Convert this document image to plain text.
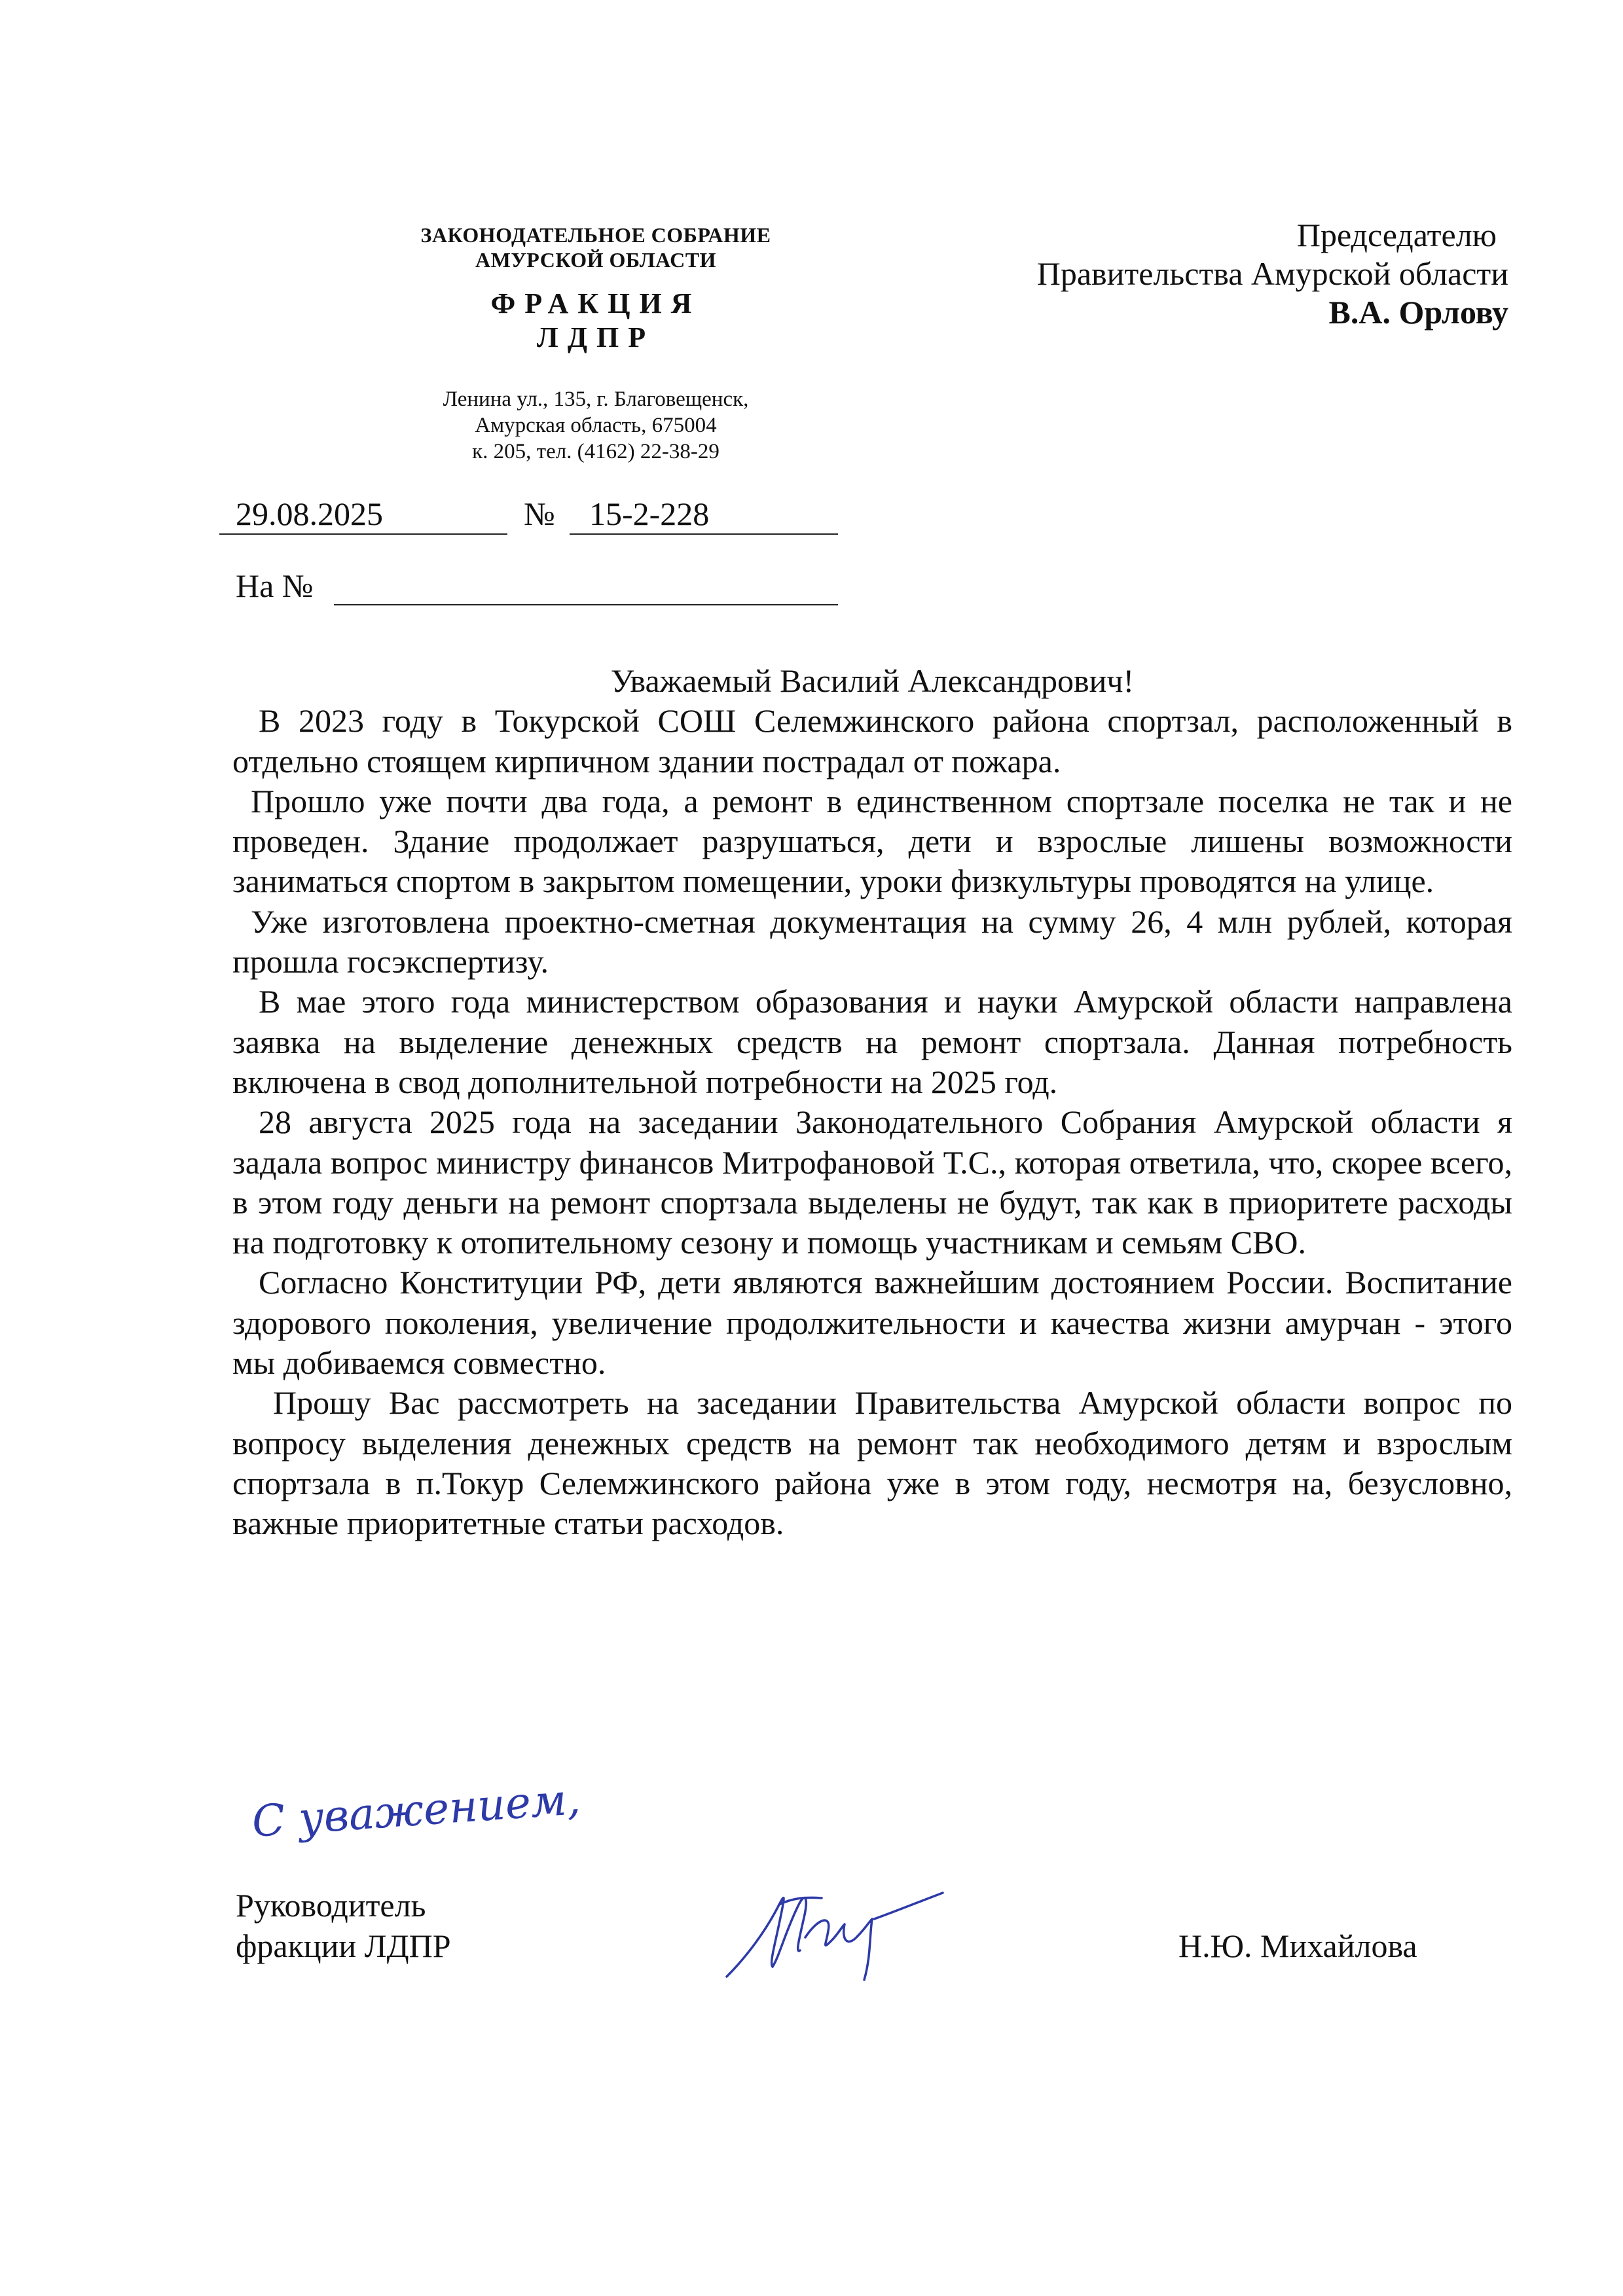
ЗАКОНОДАТЕЛЬНОЕ СОБРАНИЕ
АМУРСКОЙ ОБЛАСТИ
ФРАКЦИЯ
ЛДПР
Ленина ул., 135, г. Благовещенск,
Амурская область, 675004
к. 205, тел. (4162) 22-38-29
Председателю
Правительства Амурской области
В.А. Орлову
29.08.2025	№	15-2-228
На №
Уважаемый Василий Александрович!

В 2023 году в Токурской СОШ Селемжинского района спортзал, расположенный в отдельно стоящем кирпичном здании пострадал от пожара.

Прошло уже почти два года, а ремонт в единственном спортзале поселка не так и не проведен. Здание продолжает разрушаться, дети и взрослые лишены возможности заниматься спортом в закрытом помещении, уроки физкультуры проводятся на улице.

Уже изготовлена проектно-сметная документация на сумму 26, 4 млн рублей, которая прошла госэкспертизу.

В мае этого года министерством образования и науки Амурской области направлена заявка на выделение денежных средств на ремонт спортзала. Данная потребность включена в свод дополнительной потребности на 2025 год.

28 августа 2025 года на заседании Законодательного Собрания Амурской области я задала вопрос министру финансов Митрофановой Т.С., которая ответила, что, скорее всего, в этом году деньги на ремонт спортзала выделены не будут, так как в приоритете расходы на подготовку к отопительному сезону и помощь участникам и семьям СВО.

Согласно Конституции РФ, дети являются важнейшим достоянием России. Воспитание здорового поколения, увеличение продолжительности и качества жизни амурчан - этого мы добиваемся совместно.

Прошу Вас рассмотреть на заседании Правительства Амурской области вопрос по вопросу выделения денежных средств на ремонт так необходимого детям и взрослым спортзала в п.Токур Селемжинского района уже в этом году, несмотря на, безусловно, важные приоритетные статьи расходов.

С уважением,
Руководитель
фракции ЛДПР	Н.Ю. Михайлова
